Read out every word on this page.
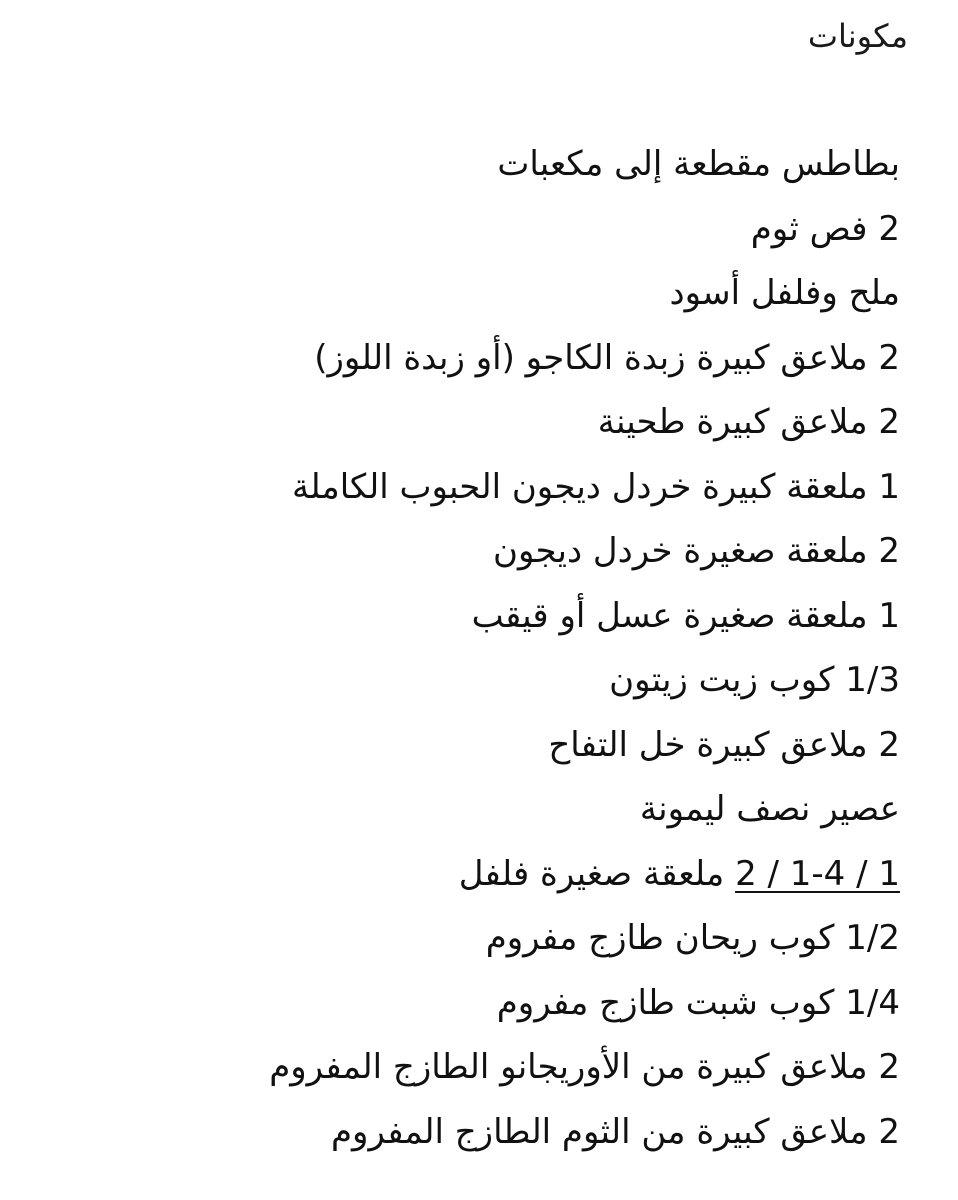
مكونات
بطاطس مقطعة إلى مكعبات
2 فص ثوم
ملح وفلفل أسود
2 ملاعق كبيرة زبدة الكاجو (أو زبدة اللوز)
2 ملاعق كبيرة طحينة
1 ملعقة كبيرة خردل ديجون الحبوب الكاملة
2 ملعقة صغيرة خردل ديجون
1 ملعقة صغيرة عسل أو قيقب
1/3 كوب زيت زيتون
2 ملاعق كبيرة خل التفاح
عصير نصف ليمونة
2 / 1-4 / 1 ملعقة صغيرة فلفل
1/2 كوب ريحان طازج مفروم
1/4 كوب شبت طازج مفروم
2 ملاعق كبيرة من الأوريجانو الطازج المفروم
2 ملاعق كبيرة من الثوم الطازج المفروم
